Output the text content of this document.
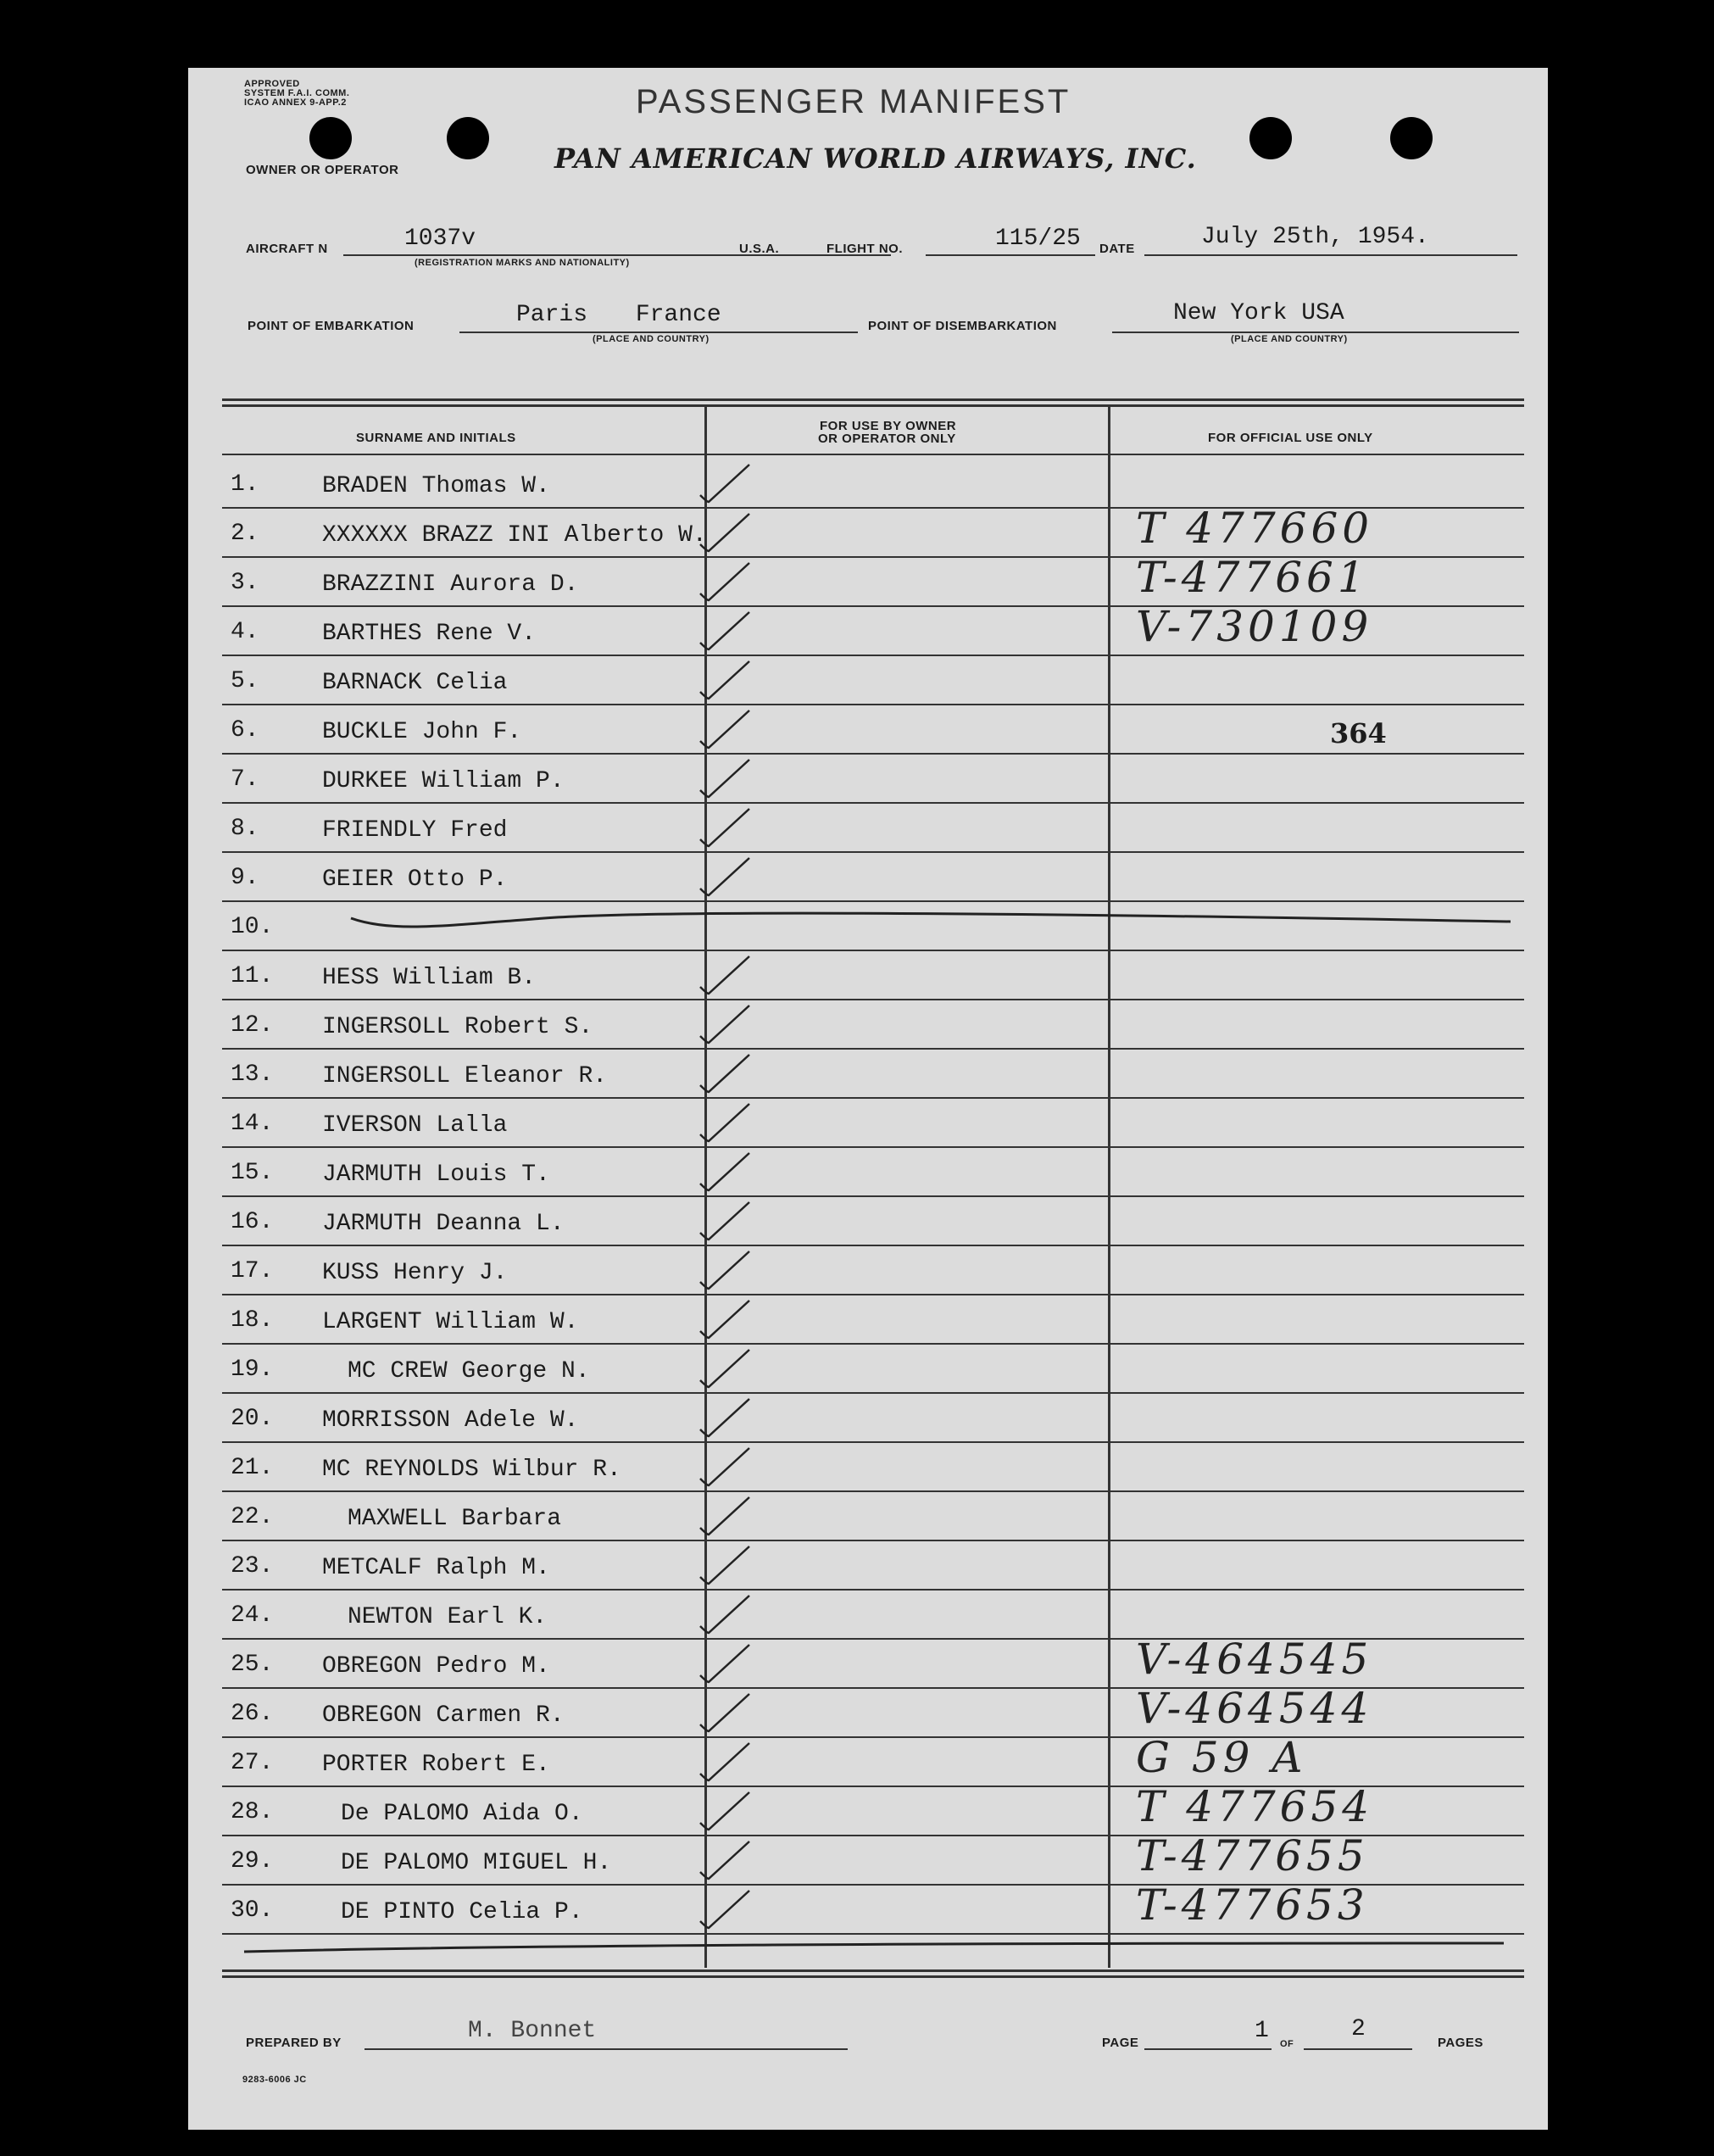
APPROVED
SYSTEM F.A.I. COMM.
ICAO ANNEX 9-APP.2
OWNER OR OPERATOR
PASSENGER MANIFEST
PAN AMERICAN WORLD AIRWAYS, INC.
AIRCRAFT N	1037v
(REGISTRATION MARKS AND NATIONALITY)
U.S.A.	FLIGHT NO.	115/25 DATE	July 25th, 1954.
POINT OF EMBARKATION	Paris France
(PLACE AND COUNTRY)
POINT OF DISEMBARKATION	New York USA
(PLACE AND COUNTRY)
SURNAME AND INITIALS
FOR USE BY OWNER
OR OPERATOR ONLY	FOR OFFICIAL USE ONLY
1.	BRADEN Thomas W.
2.	XXXXXX BRAZZ INI Alberto W.	T 477660
3.	BRAZZINI Aurora D.	T-477661
4.	BARTHES Rene V.	V-730109
5.	BARNACK Celia
6.	BUCKLE John F.	364
7.	DURKEE William P.
8.	FRIENDLY Fred
9.	GEIER Otto P.
10.
11.	HESS William B.
12.	INGERSOLL Robert S.
13.	INGERSOLL Eleanor R.
14.	IVERSON Lalla
15.	JARMUTH Louis T.
16.	JARMUTH Deanna L.
17.	KUSS Henry J.
18.	LARGENT William W.
19.	MC CREW George N.
20.	MORRISSON Adele W.
21.	MC REYNOLDS Wilbur R.
22.	MAXWELL Barbara
23.	METCALF Ralph M.
24.	NEWTON Earl K.
25.	OBREGON Pedro M.	V-464545
26.	OBREGON Carmen R.	V-464544
27.	PORTER Robert E.	G 59 A
28.	De PALOMO Aida O.	T 477654
29.	DE PALOMO MIGUEL H.	T-477655
30.	DE PINTO Celia P.	T-477653
PREPARED BY	M. Bonnet	PAGE	1 OF
2
PAGES
9283-6006 JC
